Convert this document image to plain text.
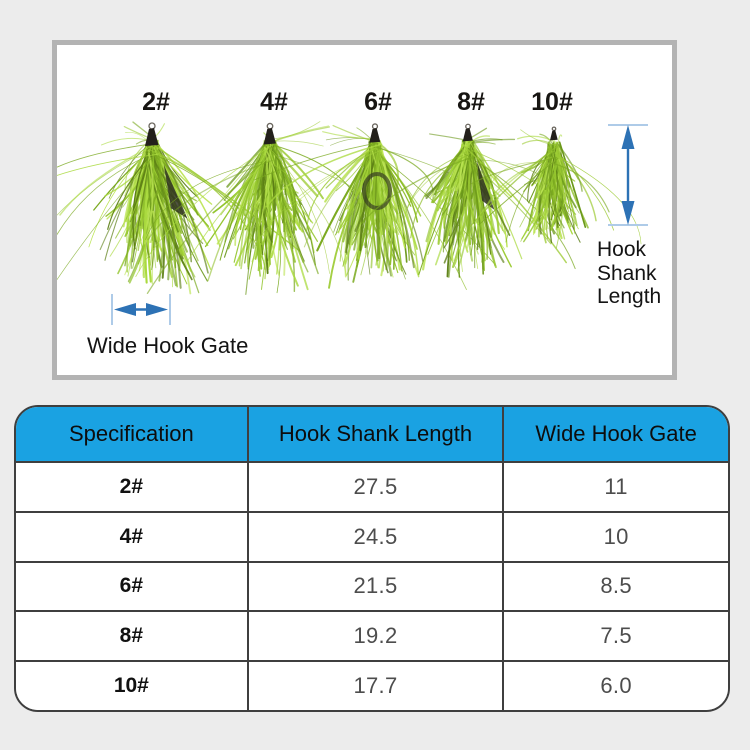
2#	4#	6#	8# 10#
Hook Shank Length
Wide Hook Gate
Specification	Hook Shank Length	Wide Hook Gate
2#	27.5	11
4#	24.5	10
6#	21.5	8.5
8#	19.2	7.5
10#	17.7	6.0
